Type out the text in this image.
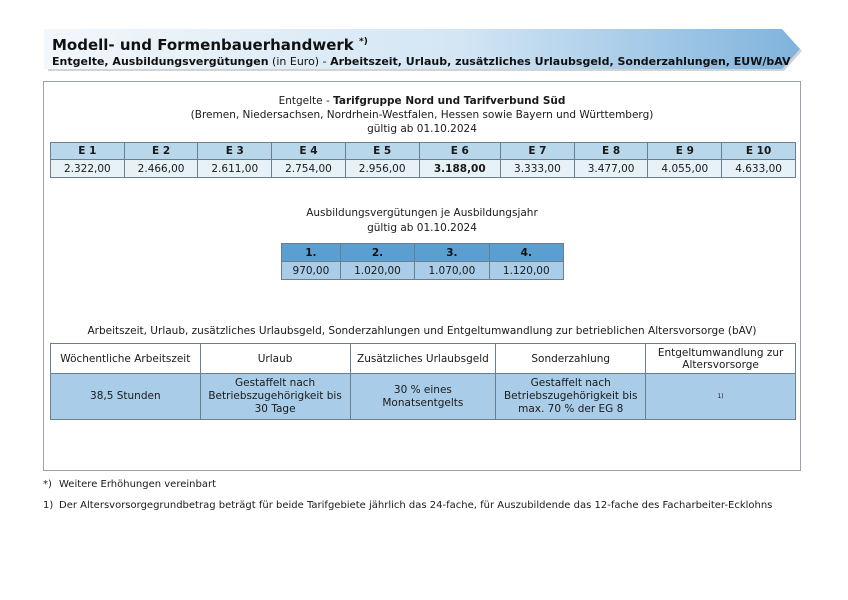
Modell- und Formenbauerhandwerk *)
Entgelte, Ausbildungsvergütungen (in Euro) - Arbeitszeit, Urlaub, zusätzliches Urlaubsgeld, Sonderzahlungen, EUW/bAV
Entgelte - Tarifgruppe Nord und Tarifverbund Süd
(Bremen, Niedersachsen, Nordrhein-Westfalen, Hessen sowie Bayern und Württemberg)
gültig ab 01.10.2024
E 1	E 2	E 3	E 4	E 5	E 6	E 7	E 8	E 9	E 10
2.322,00	2.466,00	2.611,00	2.754,00	2.956,00	3.188,00	3.333,00	3.477,00	4.055,00	4.633,00
Ausbildungsvergütungen je Ausbildungsjahr
gültig ab 01.10.2024
1.	2.	3.	4.
970,00	1.020,00	1.070,00	1.120,00
Arbeitszeit, Urlaub, zusätzliches Urlaubsgeld, Sonderzahlungen und Entgeltumwandlung zur betrieblichen Altersvorsorge (bAV)
Wöchentliche Arbeitszeit	Urlaub	Zusätzliches Urlaubsgeld	Sonderzahlung	Entgeltumwandlung zur Altersvorsorge
38,5 Stunden	Gestaffelt nach Betriebszugehörigkeit bis 30 Tage	30 % eines Monatsentgelts	Gestaffelt nach Betriebszugehörigkeit bis max. 70 % der EG 8	$^{1)}$
*) Weitere Erhöhungen vereinbart
1) Der Altersvorsorgegrundbetrag beträgt für beide Tarifgebiete jährlich das 24-fache, für Auszubildende das 12-fache des Facharbeiter-Ecklohns
